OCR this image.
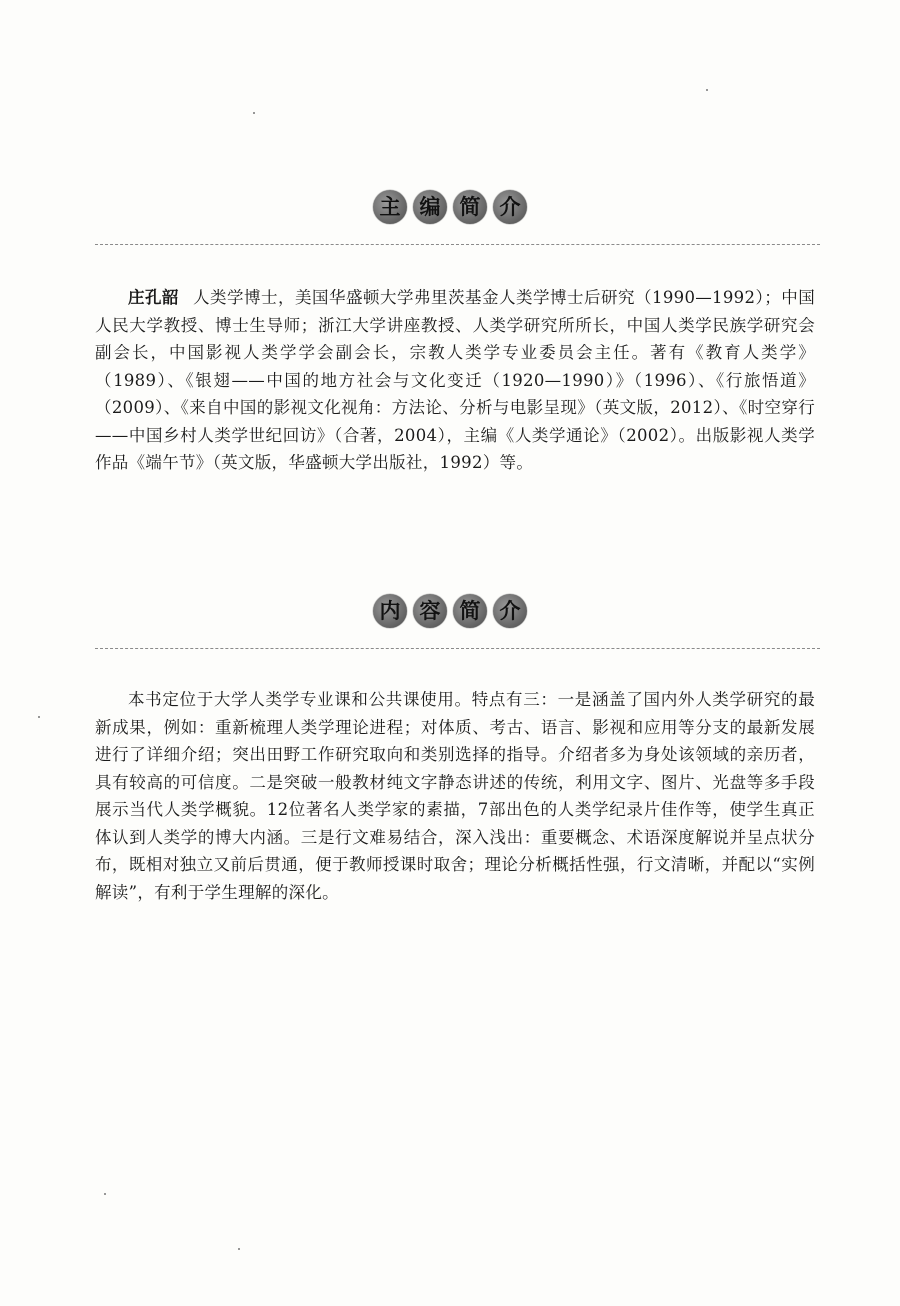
主 编 简 介

庄孔韶 人类学博士，美国华盛顿大学弗里茨基金人类学博士后研究（1990—1992）；中国人民大学教授、博士生导师；浙江大学讲座教授、人类学研究所所长，中国人类学民族学研究会副会长，中国影视人类学学会副会长，宗教人类学专业委员会主任。著有《教育人类学》（1989）、《银翅——中国的地方社会与文化变迁（1920—1990）》（1996）、《行旅悟道》（2009）、《来自中国的影视文化视角：方法论、分析与电影呈现》（英文版，2012）、《时空穿行——中国乡村人类学世纪回访》（合著，2004），主编《人类学通论》（2002）。出版影视人类学作品《端午节》（英文版，华盛顿大学出版社，1992）等。

内 容 简 介

本书定位于大学人类学专业课和公共课使用。特点有三：一是涵盖了国内外人类学研究的最新成果，例如：重新梳理人类学理论进程；对体质、考古、语言、影视和应用等分支的最新发展进行了详细介绍；突出田野工作研究取向和类别选择的指导。介绍者多为身处该领域的亲历者，具有较高的可信度。二是突破一般教材纯文字静态讲述的传统，利用文字、图片、光盘等多手段展示当代人类学概貌。12位著名人类学家的素描，7部出色的人类学纪录片佳作等，使学生真正体认到人类学的博大内涵。三是行文难易结合，深入浅出：重要概念、术语深度解说并呈点状分布，既相对独立又前后贯通，便于教师授课时取舍；理论分析概括性强，行文清晰，并配以“实例解读”，有利于学生理解的深化。
